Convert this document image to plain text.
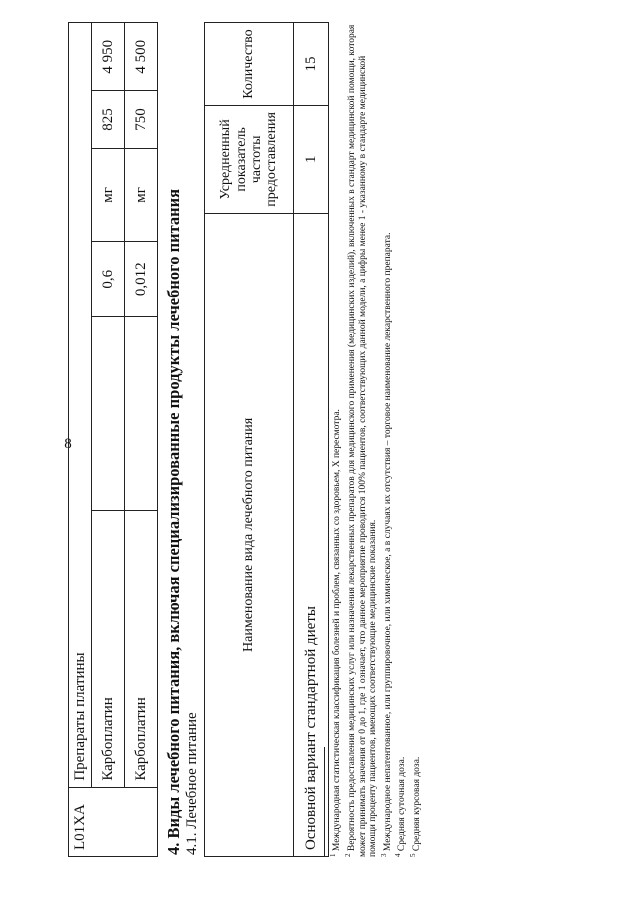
8
L01XA	Препараты платины					
	Карбоплатин		0,6	мг	825	4 950
	Карбоплатин		0,012	мг	750	4 500
4. Виды лечебного питания, включая специализированные продукты лечебного питания 4.1. Лечебное питание
Наименование вида лечебного питания	Усредненный показатель частоты предоставления	Количество
Основной вариант стандартной диеты	1	15

$^1$ Международная статистическая классификация болезней и проблем, связанных со здоровьем, X пересмотра.

$^2$ Вероятность предоставления медицинских услуг или назначения лекарственных препаратов для медицинского применения (медицинских изделий), включенных в стандарт медицинской помощи, которая может принимать значения от 0 до 1, где 1 означает, что данное мероприятие проводится 100% пациентов, соответствующих данной модели, а цифры менее 1 - указанному в стандарте медицинской помощи проценту пациентов, имеющих соответствующие медицинские показания. $^3$ Международное непатентованное, или группировочное, или химическое, а в случаях их отсутствия – торговое наименование лекарственного препарата.

$^4$ Средняя суточная доза.

$^5$ Средняя курсовая доза.
